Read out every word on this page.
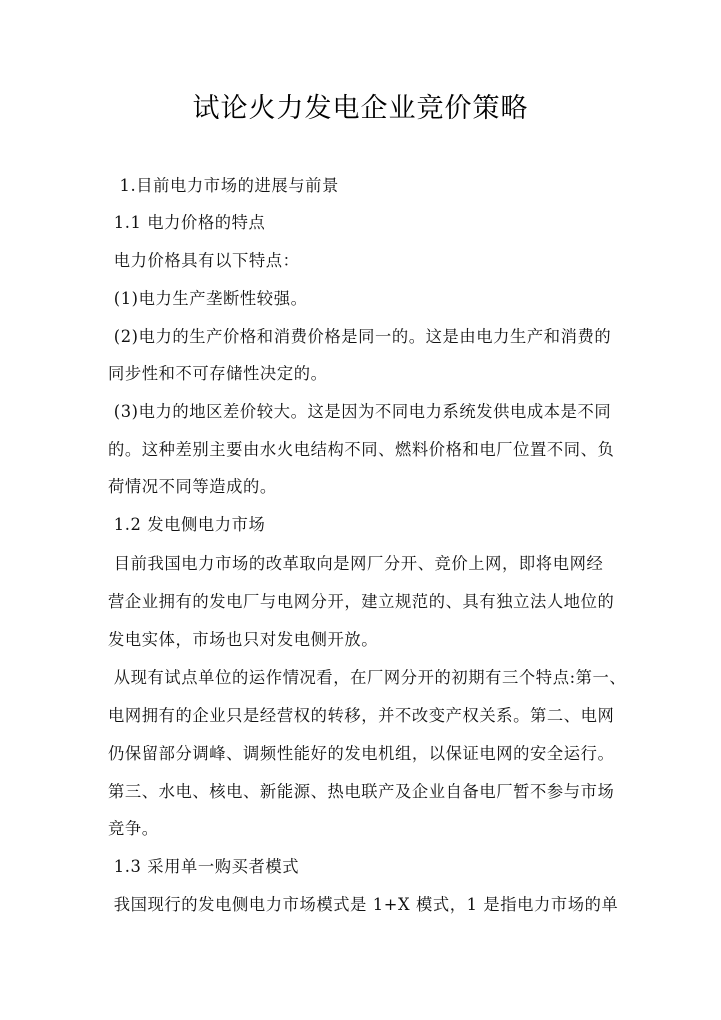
试论火力发电企业竞价策略
1.目前电力市场的进展与前景
1.1 电力价格的特点
电力价格具有以下特点：
(1)电力生产垄断性较强。
(2)电力的生产价格和消费价格是同一的。这是由电力生产和消费的
同步性和不可存储性决定的。
(3)电力的地区差价较大。这是因为不同电力系统发供电成本是不同
的。这种差别主要由水火电结构不同、燃料价格和电厂位置不同、负
荷情况不同等造成的。
1.2 发电侧电力市场
目前我国电力市场的改革取向是网厂分开、竞价上网，即将电网经
营企业拥有的发电厂与电网分开，建立规范的、具有独立法人地位的
发电实体，市场也只对发电侧开放。
从现有试点单位的运作情况看，在厂网分开的初期有三个特点:第一、
电网拥有的企业只是经营权的转移，并不改变产权关系。第二、电网
仍保留部分调峰、调频性能好的发电机组，以保证电网的安全运行。
第三、水电、核电、新能源、热电联产及企业自备电厂暂不参与市场
竞争。
1.3 采用单一购买者模式
我国现行的发电侧电力市场模式是 1+X 模式，1 是指电力市场的单
